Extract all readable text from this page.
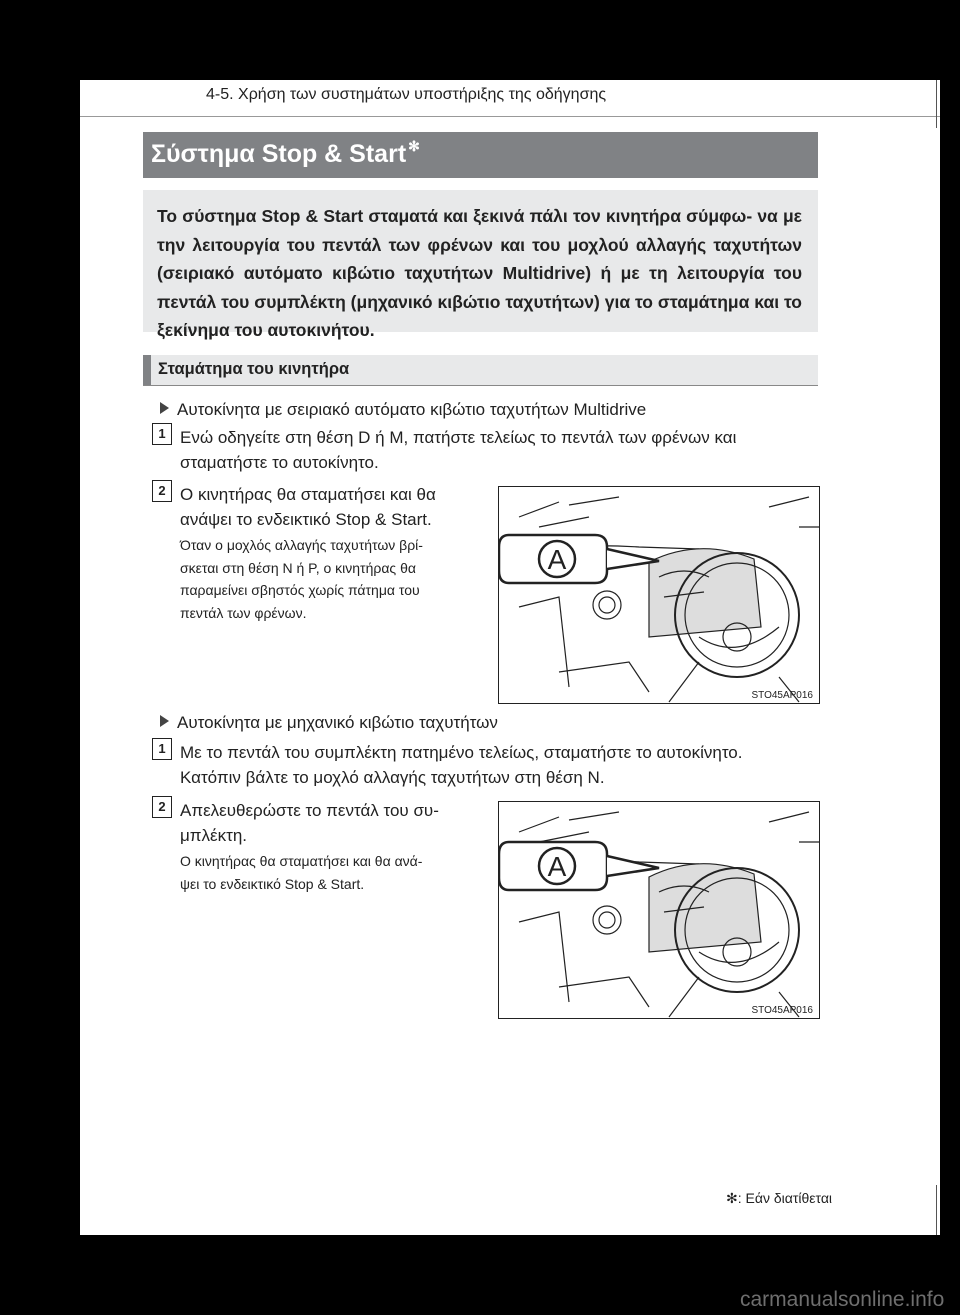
4-5. Χρήση των συστημάτων υποστήριξης της οδήγησης
Σύστημα Stop & Start ✻

Το σύστημα Stop & Start σταματά και ξεκινά πάλι τον κινητήρα σύμφω- να με την λειτουργία του πεντάλ των φρένων και του μοχλού αλλαγής ταχυτήτων (σειριακό αυτόματο κιβώτιο ταχυτήτων Multidrive) ή με τη λειτουργία του πεντάλ του συμπλέκτη (μηχανικό κιβώτιο ταχυτήτων) για το σταμάτημα και το ξεκίνημα του αυτοκινήτου.

Σταμάτημα του κινητήρα
Αυτοκίνητα με σειριακό αυτόματο κιβώτιο ταχυτήτων Multidrive
1 Ενώ οδηγείτε στη θέση D ή M, πατήστε τελείως το πεντάλ των φρένων και
σταματήστε το αυτοκίνητο.
2 Ο κινητήρας θα σταματήσει και θα
ανάψει το ενδεικτικό Stop & Start.
Όταν ο μοχλός αλλαγής ταχυτήτων βρί-
σκεται στη θέση N ή P, ο κινητήρας θα
παραμείνει σβηστός χωρίς πάτημα του
πεντάλ των φρένων.
A
STO45AP016
Αυτοκίνητα με μηχανικό κιβώτιο ταχυτήτων
1 Με το πεντάλ του συμπλέκτη πατημένο τελείως, σταματήστε το αυτοκίνητο.
Κατόπιν βάλτε το μοχλό αλλαγής ταχυτήτων στη θέση N.
2 Απελευθερώστε το πεντάλ του συ-
μπλέκτη.
Ο κινητήρας θα σταματήσει και θα ανά-
ψει το ενδεικτικό Stop & Start.
A
STO45AP016
✻: Εάν διατίθεται
carmanualsonline.info
